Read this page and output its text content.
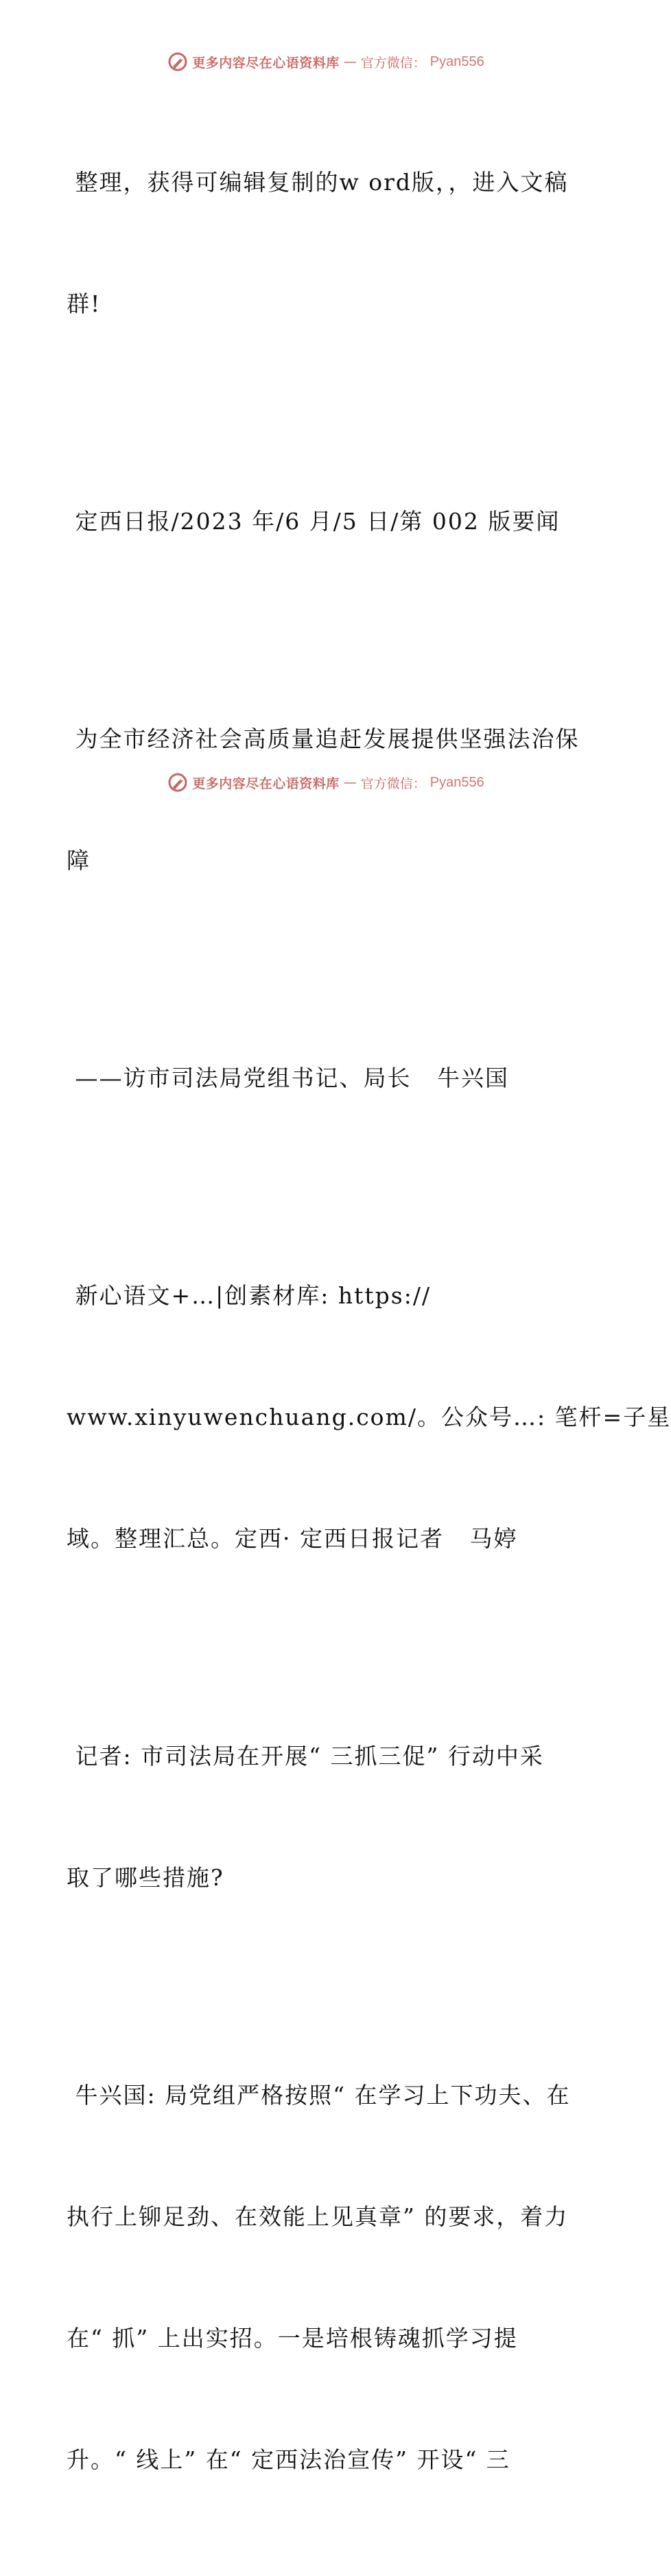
更多内容尽在心语资料库 — 官方微信： Pyan556

整理，获得可编辑复制的w ord版，，进入文稿

群!

定西日报/2023 年/6 月/5 日/第 002 版要闻

为全市经济社会高质量追赶发展提供坚强法治保

障

——访市司法局党组书记、局长   牛兴国

新心语文+…|创素材库: https://

www.xinyuwenchuang.com/。公众号…: 笔杆=子星

域。整理汇总。定西· 定西日报记者   马婷

记者: 市司法局在开展“ 三抓三促” 行动中采

取了哪些措施?

牛兴国: 局党组严格按照“ 在学习上下功夫、在

执行上铆足劲、在效能上见真章” 的要求，着力

在“ 抓” 上出实招。一是培根铸魂抓学习提

升。“ 线上” 在“ 定西法治宣传” 开设“ 三

更多内容尽在心语资料库 — 官方微信： Pyan556
